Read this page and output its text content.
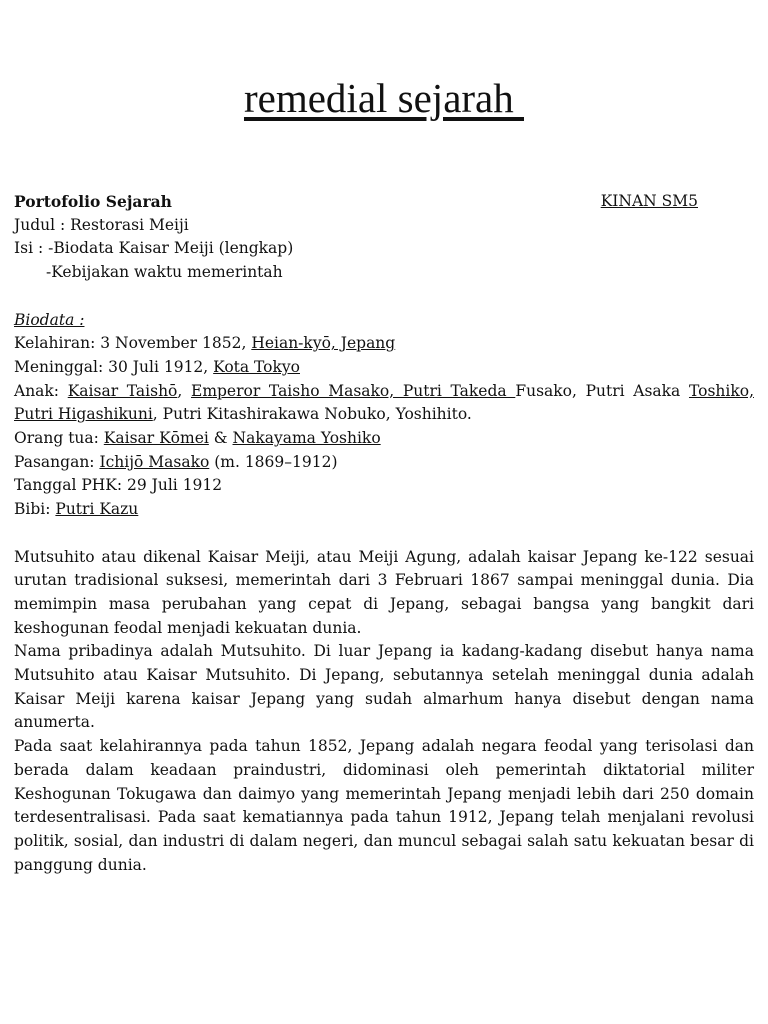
remedial sejarah
Portofolio Sejarah	KINAN SM5
Judul : Restorasi Meiji
Isi : -Biodata Kaisar Meiji (lengkap)
-Kebijakan waktu memerintah
Biodata :
Kelahiran: 3 November 1852, Heian-kyō, Jepang
Meninggal: 30 Juli 1912, Kota Tokyo
Anak: Kaisar Taishō, Emperor Taisho Masako, Putri Takeda Fusako, Putri Asaka Toshiko,
Putri Higashikuni, Putri Kitashirakawa Nobuko, Yoshihito.
Orang tua: Kaisar Kōmei & Nakayama Yoshiko
Pasangan: Ichijō Masako (m. 1869–1912)
Tanggal PHK: 29 Juli 1912
Bibi: Putri Kazu

Mutsuhito atau dikenal Kaisar Meiji, atau Meiji Agung, adalah kaisar Jepang ke-122 sesuai urutan tradisional suksesi, memerintah dari 3 Februari 1867 sampai meninggal dunia. Dia memimpin masa perubahan yang cepat di Jepang, sebagai bangsa yang bangkit dari keshogunan feodal menjadi kekuatan dunia.

Nama pribadinya adalah Mutsuhito. Di luar Jepang ia kadang-kadang disebut hanya nama Mutsuhito atau Kaisar Mutsuhito. Di Jepang, sebutannya setelah meninggal dunia adalah Kaisar Meiji karena kaisar Jepang yang sudah almarhum hanya disebut dengan nama anumerta.

Pada saat kelahirannya pada tahun 1852, Jepang adalah negara feodal yang terisolasi dan berada dalam keadaan praindustri, didominasi oleh pemerintah diktatorial militer Keshogunan Tokugawa dan daimyo yang memerintah Jepang menjadi lebih dari 250 domain terdesentralisasi. Pada saat kematiannya pada tahun 1912, Jepang telah menjalani revolusi politik, sosial, dan industri di dalam negeri, dan muncul sebagai salah satu kekuatan besar di panggung dunia.
